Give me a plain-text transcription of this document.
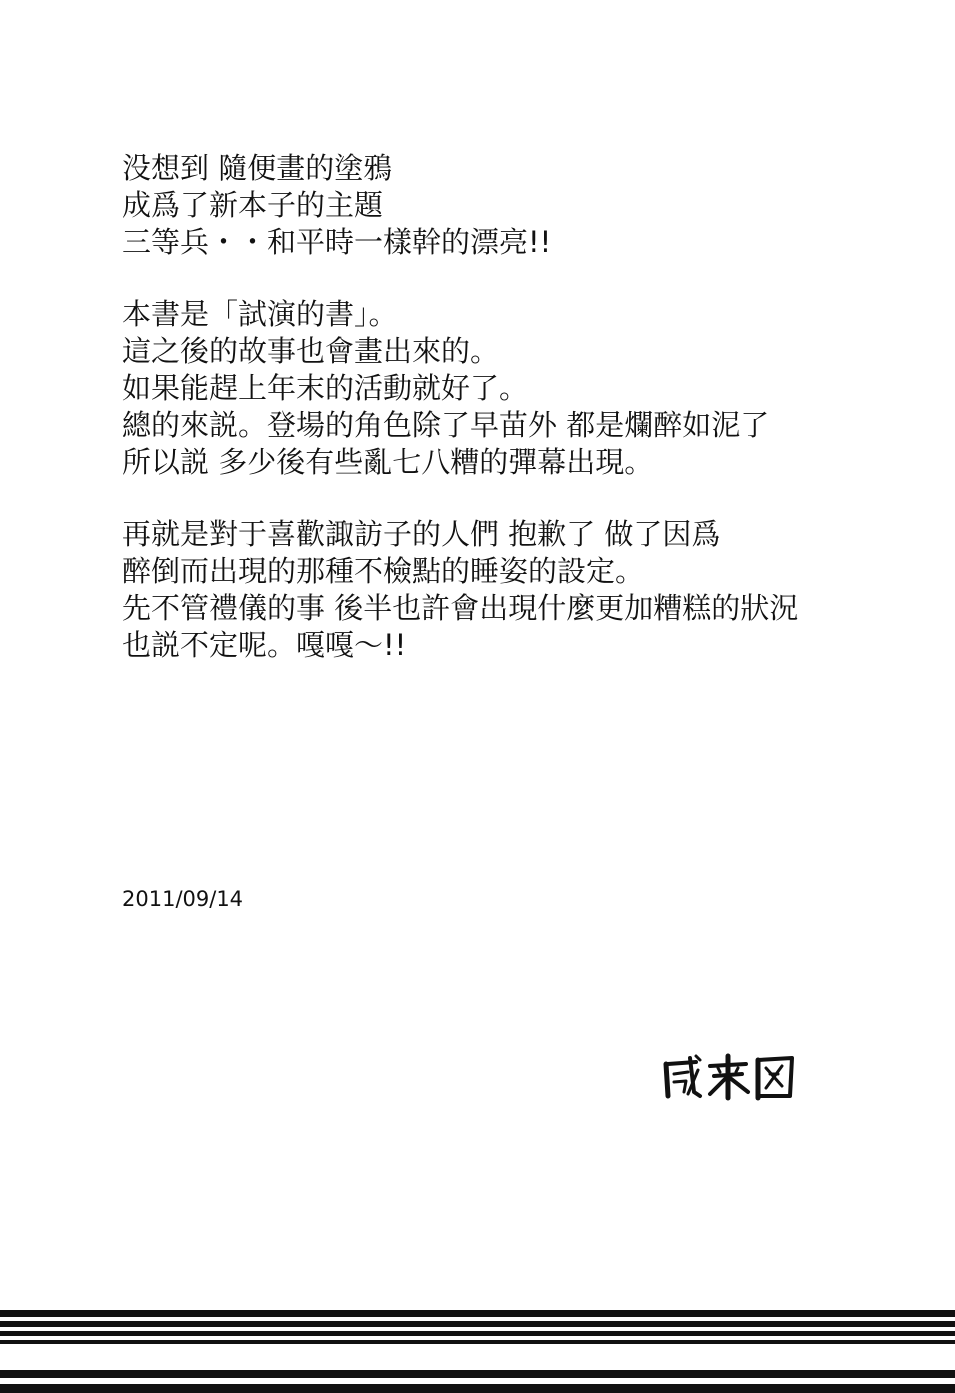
没想到 隨便畫的塗鴉
成爲了新本子的主題
三等兵・・和平時一樣幹的漂亮!!
本書是「試演的書」。
這之後的故事也會畫出來的。
如果能趕上年末的活動就好了。
總的來説。登場的角色除了早苗外 都是爛醉如泥了
所以説 多少後有些亂七八糟的彈幕出現。
再就是對于喜歡諏訪子的人們 抱歉了 做了因爲
醉倒而出現的那種不檢點的睡姿的設定。
先不管禮儀的事 後半也許會出現什麼更加糟糕的狀況
也説不定呢。嘎嘎～!!
2011/09/14
